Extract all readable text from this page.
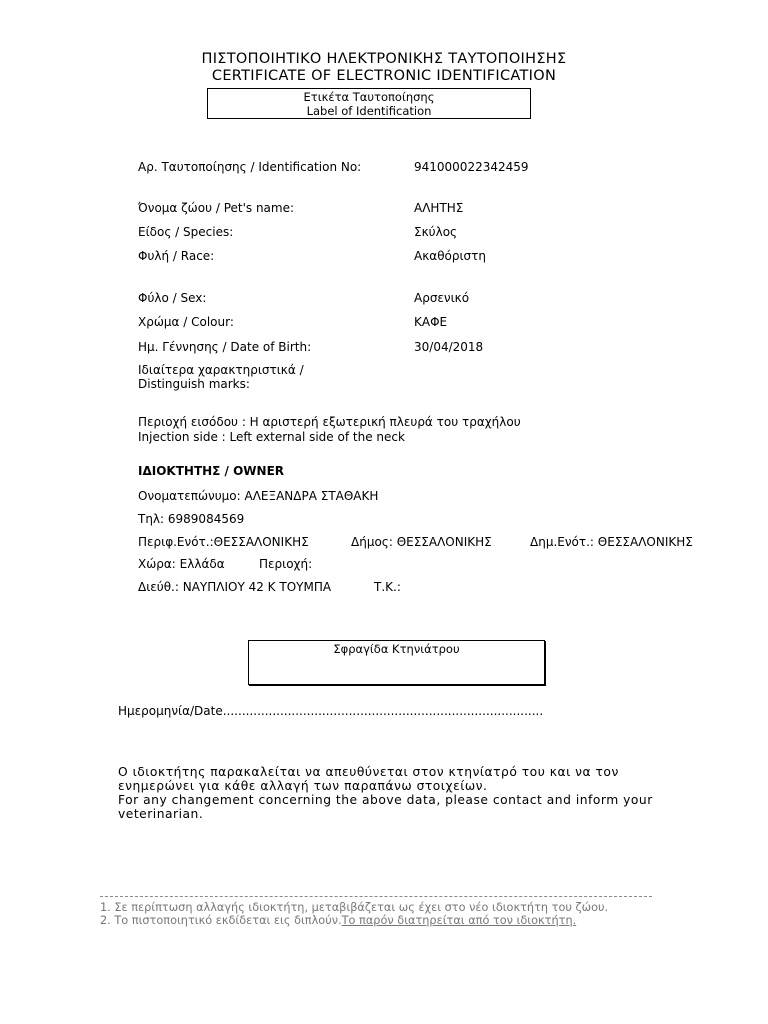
ΠΙΣΤΟΠΟΙΗΤΙΚΟ ΗΛΕΚΤΡΟΝΙΚΗΣ ΤΑΥΤΟΠΟΙΗΣΗΣ
CERTIFICATE OF ELECTRONIC IDENTIFICATION
Ετικέτα Ταυτοποίησης
Label of Identification
Αρ. Ταυτοποίησης / Identification No:	941000022342459
Όνομα ζώου / Pet's name:	ΑΛΗΤΗΣ
Είδος / Species:	Σκύλος
Φυλή / Race:	Ακαθόριστη
Φύλο / Sex:	Αρσενικό
Χρώμα / Colour:	ΚΑΦΕ
Ημ. Γέννησης / Date of Birth:	30/04/2018
Ιδιαίτερα χαρακτηριστικά /
Distinguish marks:
Περιοχή εισόδου : Η αριστερή εξωτερική πλευρά του τραχήλου
Injection side : Left external side of the neck
ΙΔΙΟΚΤΗΤΗΣ / OWNER
Ονοματεπώνυμο: ΑΛΕΞΑΝΔΡΑ ΣΤΑΘΑΚΗ
Τηλ: 6989084569
Περιφ.Ενότ.:ΘΕΣΣΑΛΟΝΙΚΗΣ	Δήμος: ΘΕΣΣΑΛΟΝΙΚΗΣ	Δημ.Ενότ.: ΘΕΣΣΑΛΟΝΙΚΗΣ
Χώρα: Ελλάδα	Περιοχή:
Διεύθ.: ΝΑΥΠΛΙΟΥ 42 Κ ΤΟΥΜΠΑ	Τ.Κ.:
Σφραγίδα Κτηνιάτρου
Ημερομηνία/Date....................................................................................
Ο ιδιοκτήτης παρακαλείται να απευθύνεται στον κτηνίατρό του και να τον
ενημερώνει για κάθε αλλαγή των παραπάνω στοιχείων.
For any changement concerning the above data, please contact and inform your
veterinarian.
1. Σε περίπτωση αλλαγής ιδιοκτήτη, μεταβιβάζεται ως έχει στο νέο ιδιοκτήτη του ζώου.
2. Το πιστοποιητικό εκδίδεται εις διπλούν.Το παρόν διατηρείται από τον ιδιοκτήτη.
